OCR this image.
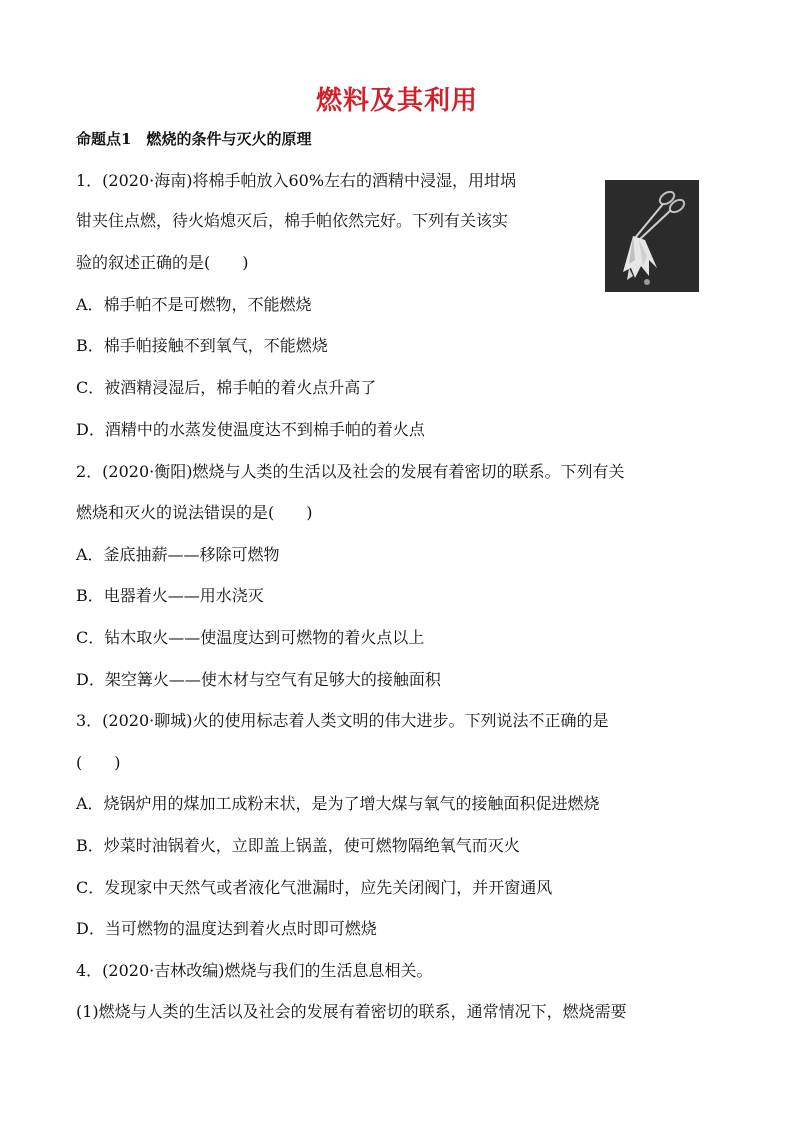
燃料及其利用
命题点1　燃烧的条件与灭火的原理
1．(2020·海南)将棉手帕放入60%左右的酒精中浸湿，用坩埚
钳夹住点燃，待火焰熄灭后，棉手帕依然完好。下列有关该实
验的叙述正确的是(　　)
A．棉手帕不是可燃物，不能燃烧
B．棉手帕接触不到氧气，不能燃烧
C．被酒精浸湿后，棉手帕的着火点升高了
D．酒精中的水蒸发使温度达不到棉手帕的着火点
2．(2020·衡阳)燃烧与人类的生活以及社会的发展有着密切的联系。下列有关
燃烧和灭火的说法错误的是(　　)
A．釜底抽薪——移除可燃物
B．电器着火——用水浇灭
C．钻木取火——使温度达到可燃物的着火点以上
D．架空篝火——使木材与空气有足够大的接触面积
3．(2020·聊城)火的使用标志着人类文明的伟大进步。下列说法不正确的是
(　　)
A．烧锅炉用的煤加工成粉末状，是为了增大煤与氧气的接触面积促进燃烧
B．炒菜时油锅着火，立即盖上锅盖，使可燃物隔绝氧气而灭火
C．发现家中天然气或者液化气泄漏时，应先关闭阀门，并开窗通风
D．当可燃物的温度达到着火点时即可燃烧
4．(2020·吉林改编)燃烧与我们的生活息息相关。
(1)燃烧与人类的生活以及社会的发展有着密切的联系，通常情况下，燃烧需要
